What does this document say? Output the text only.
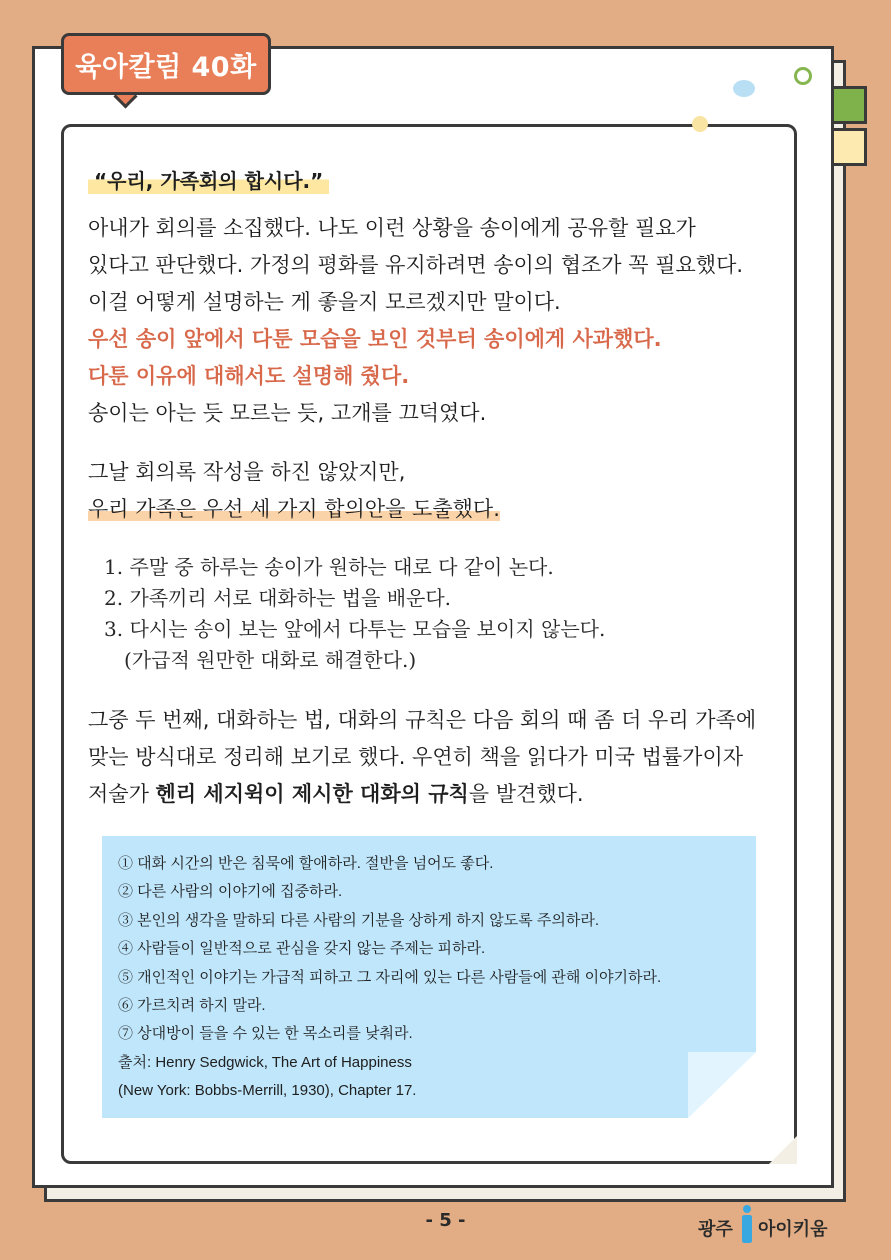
육아칼럼 40화
“우리, 가족회의 합시다.”
아내가 회의를 소집했다. 나도 이런 상황을 송이에게 공유할 필요가
있다고 판단했다. 가정의 평화를 유지하려면 송이의 협조가 꼭 필요했다.
이걸 어떻게 설명하는 게 좋을지 모르겠지만 말이다.
우선 송이 앞에서 다툰 모습을 보인 것부터 송이에게 사과했다.
다툰 이유에 대해서도 설명해 줬다.
송이는 아는 듯 모르는 듯, 고개를 끄덕였다.
그날 회의록 작성을 하진 않았지만,
우리 가족은 우선 세 가지 합의안을 도출했다.
1. 주말 중 하루는 송이가 원하는 대로 다 같이 논다.
2. 가족끼리 서로 대화하는 법을 배운다.
3. 다시는 송이 보는 앞에서 다투는 모습을 보이지 않는다.
(가급적 원만한 대화로 해결한다.)
그중 두 번째, 대화하는 법, 대화의 규칙은 다음 회의 때 좀 더 우리 가족에
맞는 방식대로 정리해 보기로 했다. 우연히 책을 읽다가 미국 법률가이자
저술가 헨리 세지윅이 제시한 대화의 규칙을 발견했다.
① 대화 시간의 반은 침묵에 할애하라. 절반을 넘어도 좋다.
② 다른 사람의 이야기에 집중하라.
③ 본인의 생각을 말하되 다른 사람의 기분을 상하게 하지 않도록 주의하라.
④ 사람들이 일반적으로 관심을 갖지 않는 주제는 피하라.
⑤ 개인적인 이야기는 가급적 피하고 그 자리에 있는 다른 사람들에 관해 이야기하라.
⑥ 가르치려 하지 말라.
⑦ 상대방이 들을 수 있는 한 목소리를 낮춰라.
출처: Henry Sedgwick, The Art of Happiness
(New York: Bobbs-Merrill, 1930), Chapter 17.
- 5 -	광주 아이키움
